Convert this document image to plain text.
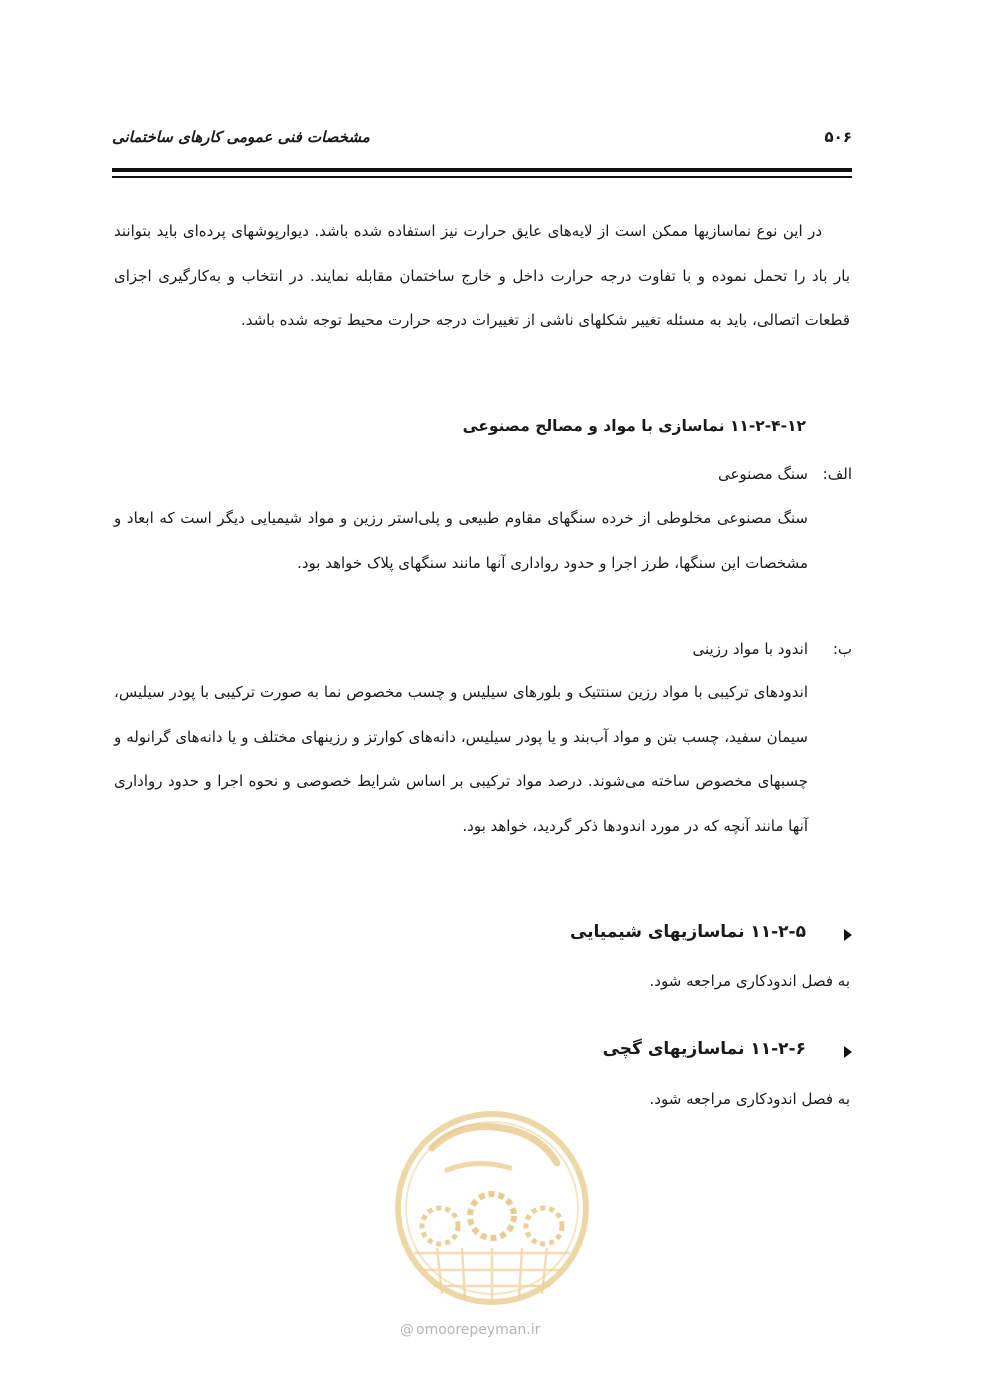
مشخصات فنی عمومی کارهای ساختمانی	۵۰۶

در این نوع نماسازیها ممکن است از لایه‌های عایق حرارت نیز استفاده شده باشد. دیوارپوشهای پرده‌ای باید بتوانند بار باد را تحمل نموده و با تفاوت درجه حرارت داخل و خارج ساختمان مقابله نمایند. در انتخاب و به‌کارگیری اجزای قطعات اتصالی، باید به مسئله تغییر شکلهای ناشی از تغییرات درجه حرارت محیط توجه شده باشد.

۱۱-۲-۴-۱۲ نماسازی با مواد و مصالح مصنوعی
الف:
سنگ مصنوعی
سنگ مصنوعی مخلوطی از خرده سنگهای مقاوم طبیعی و پلی‌استر رزین و مواد شیمیایی دیگر است که ابعاد و مشخصات این سنگها، طرز اجرا و حدود رواداری آنها مانند سنگهای پلاک خواهد بود.
ب:
اندود با مواد رزینی
اندودهای ترکیبی با مواد رزین سنتتیک و بلورهای سیلیس و چسب مخصوص نما به صورت ترکیبی با پودر سیلیس، سیمان سفید، چسب بتن و مواد آب‌بند و یا پودر سیلیس، دانه‌های کوارتز و رزینهای مختلف و یا دانه‌های گرانوله و چسبهای مخصوص ساخته می‌شوند. درصد مواد ترکیبی بر اساس شرایط خصوصی و نحوه اجرا و حدود رواداری آنها مانند آنچه که در مورد اندودها ذکر گردید، خواهد بود.
۱۱-۲-۵ نماسازیهای شیمیایی
به فصل اندودکاری مراجعه شود.
۱۱-۲-۶ نماسازیهای گچی
به فصل اندودکاری مراجعه شود.
@ omoorepeyman.ir
